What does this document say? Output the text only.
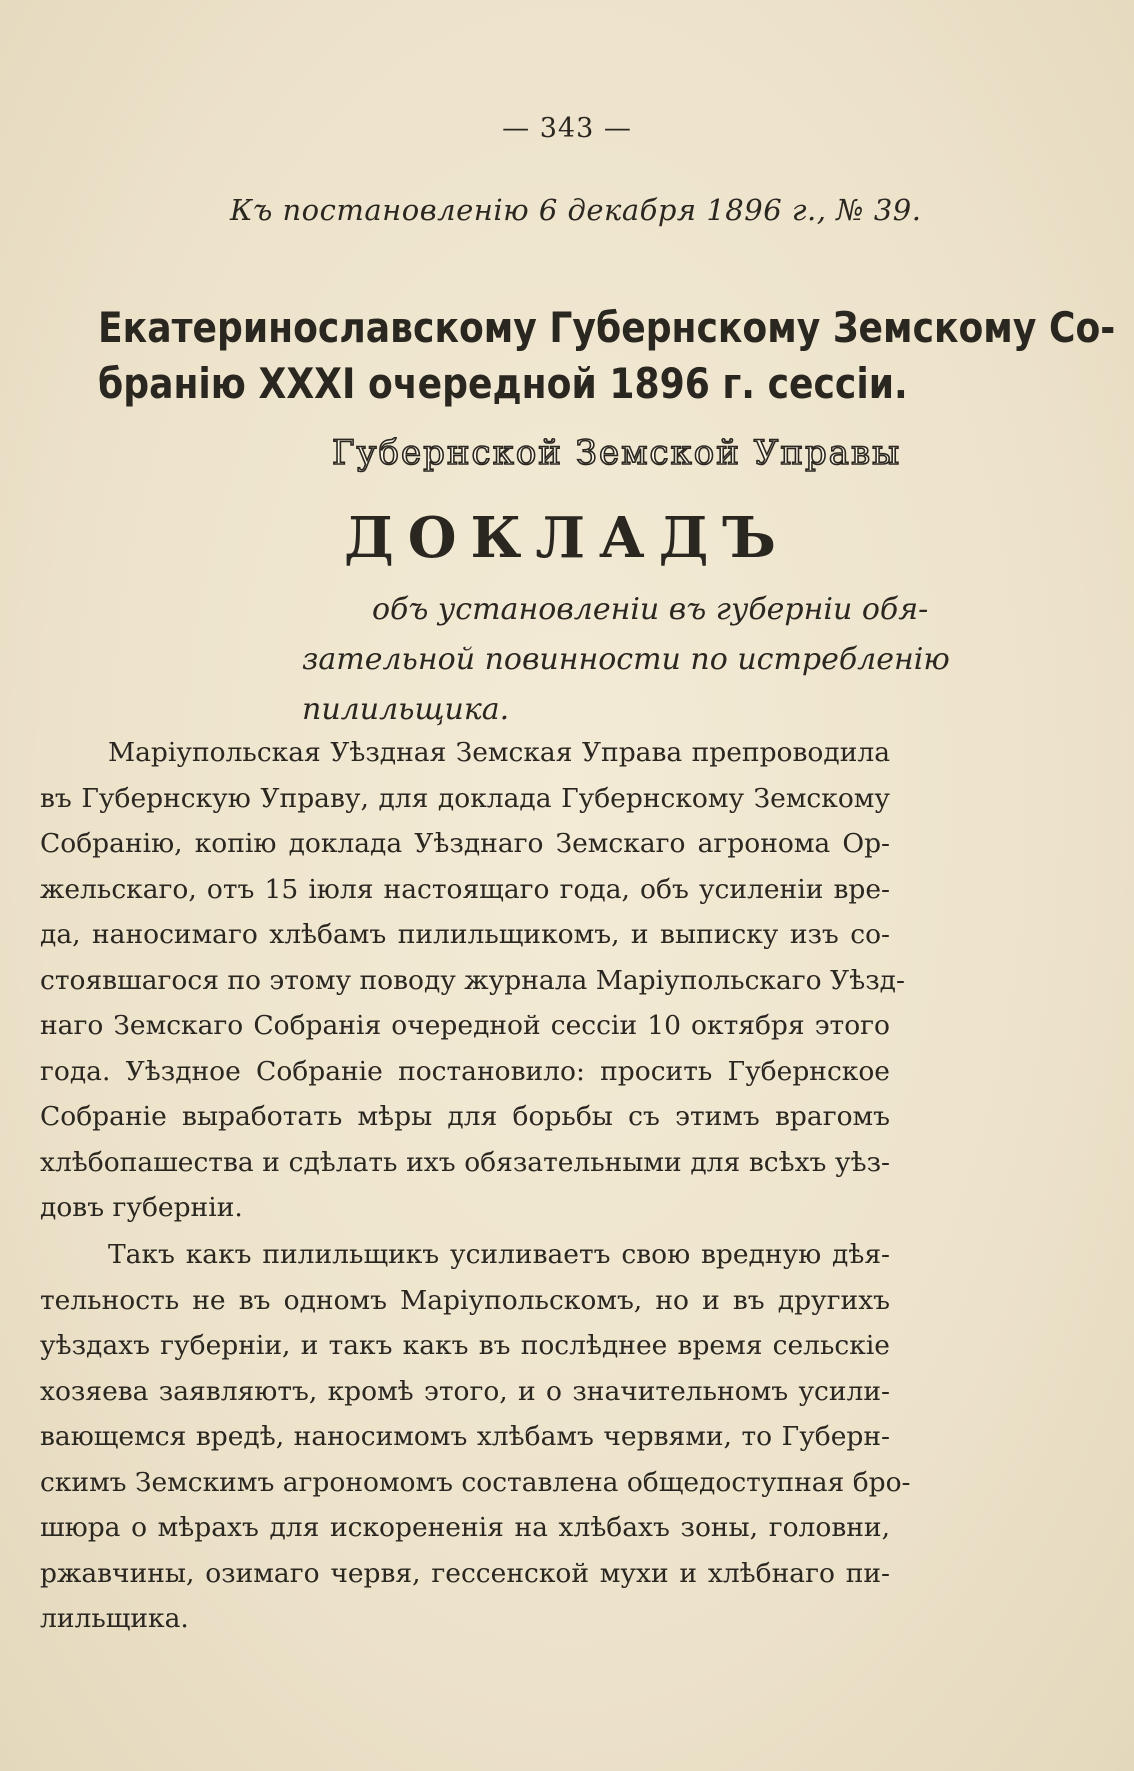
— 343 —
Къ постановленію 6 декабря 1896 г., № 39.
Екатеринославскому Губернскому Земскому Со-
бранію XXXI очередной 1896 г. сессіи.
Губернской Земской Управы
ДОКЛАДЪ
объ установленіи въ губерніи обя-
зательной повинности по истребленію
пилильщика.
Маріупольская Уѣздная Земская Управа препроводила
въ Губернскую Управу, для доклада Губернскому Земскому
Собранію, копію доклада Уѣзднаго Земскаго агронома Ор-
жельскаго, отъ 15 іюля настоящаго года, объ усиленіи вре-
да, наносимаго хлѣбамъ пилильщикомъ, и выписку изъ со-
стоявшагося по этому поводу журнала Маріупольскаго Уѣзд-
наго Земскаго Собранія очередной сессіи 10 октября этого
года. Уѣздное Собраніе постановило: просить Губернское
Собраніе выработать мѣры для борьбы съ этимъ врагомъ
хлѣбопашества и сдѣлать ихъ обязательными для всѣхъ уѣз-
довъ губерніи.
Такъ какъ пилильщикъ усиливаетъ свою вредную дѣя-
тельность не въ одномъ Маріупольскомъ, но и въ другихъ
уѣздахъ губерніи, и такъ какъ въ послѣднее время сельскіе
хозяева заявляютъ, кромѣ этого, и о значительномъ усили-
вающемся вредѣ, наносимомъ хлѣбамъ червями, то Губерн-
скимъ Земскимъ агрономомъ составлена общедоступная бро-
шюра о мѣрахъ для искорененія на хлѣбахъ зоны, головни,
ржавчины, озимаго червя, гессенской мухи и хлѣбнаго пи-
лильщика.
